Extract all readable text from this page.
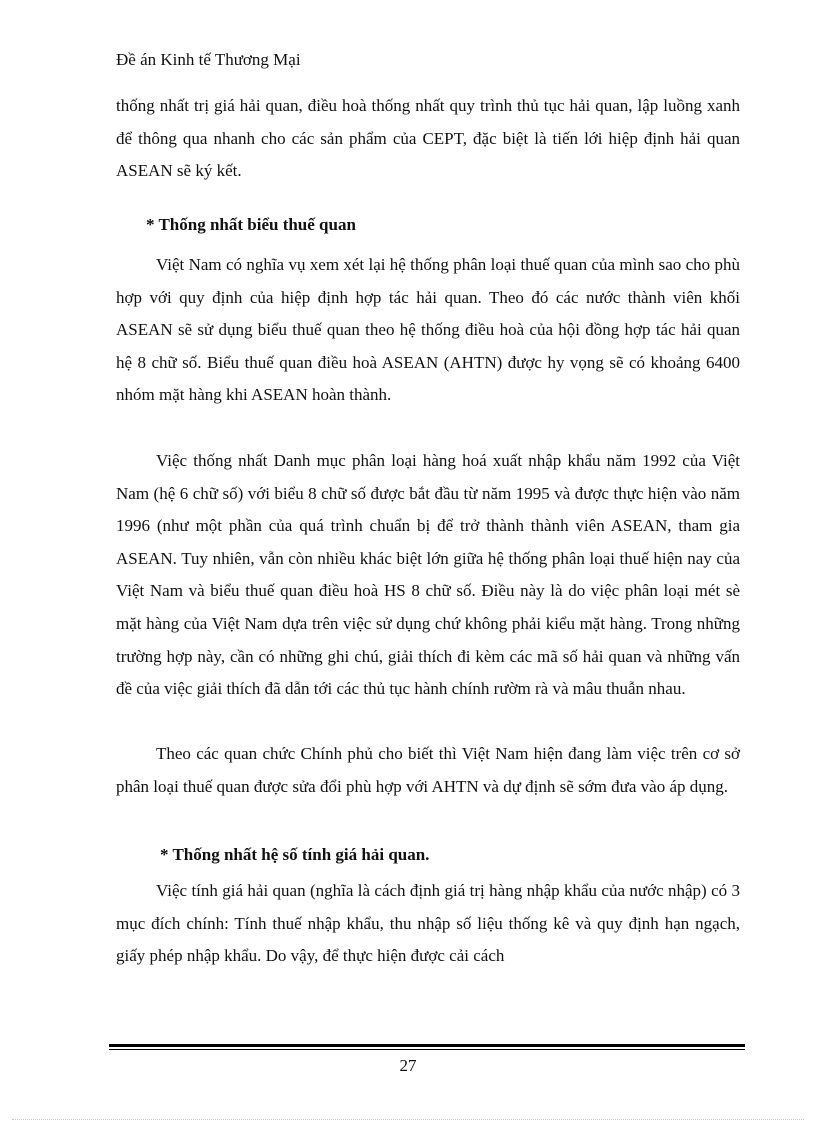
Đề án Kinh tế Thương Mại

thống nhất trị giá hải quan, điều hoà thống nhất quy trình thủ tục hải quan, lập luồng xanh để thông qua nhanh cho các sản phẩm của CEPT, đặc biệt là tiến lới hiệp định hải quan ASEAN sẽ ký kết.

* Thống nhất biểu thuế quan

Việt Nam có nghĩa vụ xem xét lại hệ thống phân loại thuế quan của mình sao cho phù hợp với quy định của hiệp định hợp tác hải quan. Theo đó các nước thành viên khối ASEAN sẽ sử dụng biểu thuế quan theo hệ thống điều hoà của hội đồng hợp tác hải quan hệ 8 chữ số. Biểu thuế quan điều hoà ASEAN (AHTN) được hy vọng sẽ có khoảng 6400 nhóm mặt hàng khi ASEAN hoàn thành.

Việc thống nhất Danh mục phân loại hàng hoá xuất nhập khẩu năm 1992 của Việt Nam (hệ 6 chữ số) với biểu 8 chữ số được bắt đầu từ năm 1995 và được thực hiện vào năm 1996 (như một phần của quá trình chuẩn bị để trở thành thành viên ASEAN, tham gia ASEAN. Tuy nhiên, vẫn còn nhiều khác biệt lớn giữa hệ thống phân loại thuế hiện nay của Việt Nam và biểu thuế quan điều hoà HS 8 chữ số. Điều này là do việc phân loại mét sè mặt hàng của Việt Nam dựa trên việc sử dụng chứ không phải kiểu mặt hàng. Trong những trường hợp này, cần có những ghi chú, giải thích đi kèm các mã số hải quan và những vấn đề của việc giải thích đã dẫn tới các thủ tục hành chính rườm rà và mâu thuẫn nhau.

Theo các quan chức Chính phủ cho biết thì Việt Nam hiện đang làm việc trên cơ sở phân loại thuế quan được sửa đổi phù hợp với AHTN và dự định sẽ sớm đưa vào áp dụng.

* Thống nhất hệ số tính giá hải quan.

Việc tính giá hải quan (nghĩa là cách định giá trị hàng nhập khẩu của nước nhập) có 3 mục đích chính: Tính thuế nhập khẩu, thu nhập số liệu thống kê và quy định hạn ngạch, giấy phép nhập khẩu. Do vậy, để thực hiện được cải cách

27
